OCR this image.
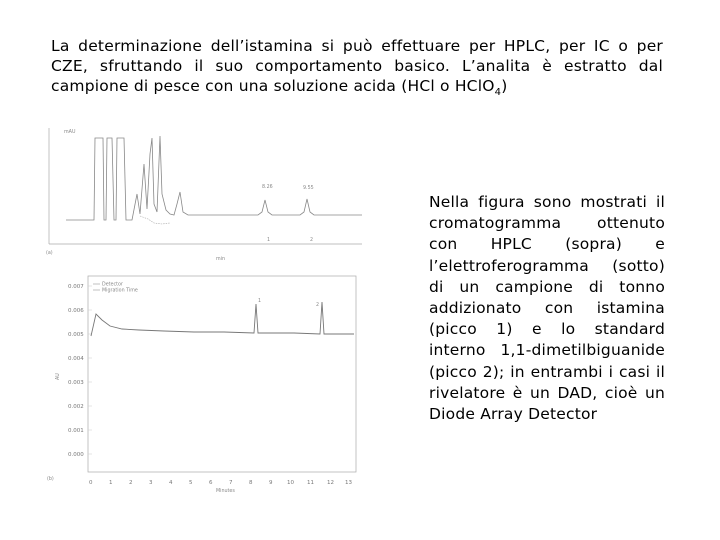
La determinazione dell’istamina si può effettuare per HPLC, per IC o per CZE, sfruttando il suo comportamento basico. L’analita è estratto dal campione di pesce con una soluzione acida (HCl o HClO$_4$)
Nella figura sono mostrati il cromatogramma ottenuto con HPLC (sopra) e l’elettroferogramma (sotto) di un campione di tonno addizionato con istamina (picco 1) e lo standard interno 1,1-dimetilbiguanide (picco 2); in entrambi i casi il rivelatore è un DAD, cioè un Diode Array Detector
mAU
(a)
min
8.26	9.55
1	2
0.007
0.006
0.005
0.004
0.003
0.002
0.001
0.000
AU
0	1	2	3	4	5	6	7	8	9	10 11 12 13
Minutes
(b)
Detector
Migration Time
1
2
